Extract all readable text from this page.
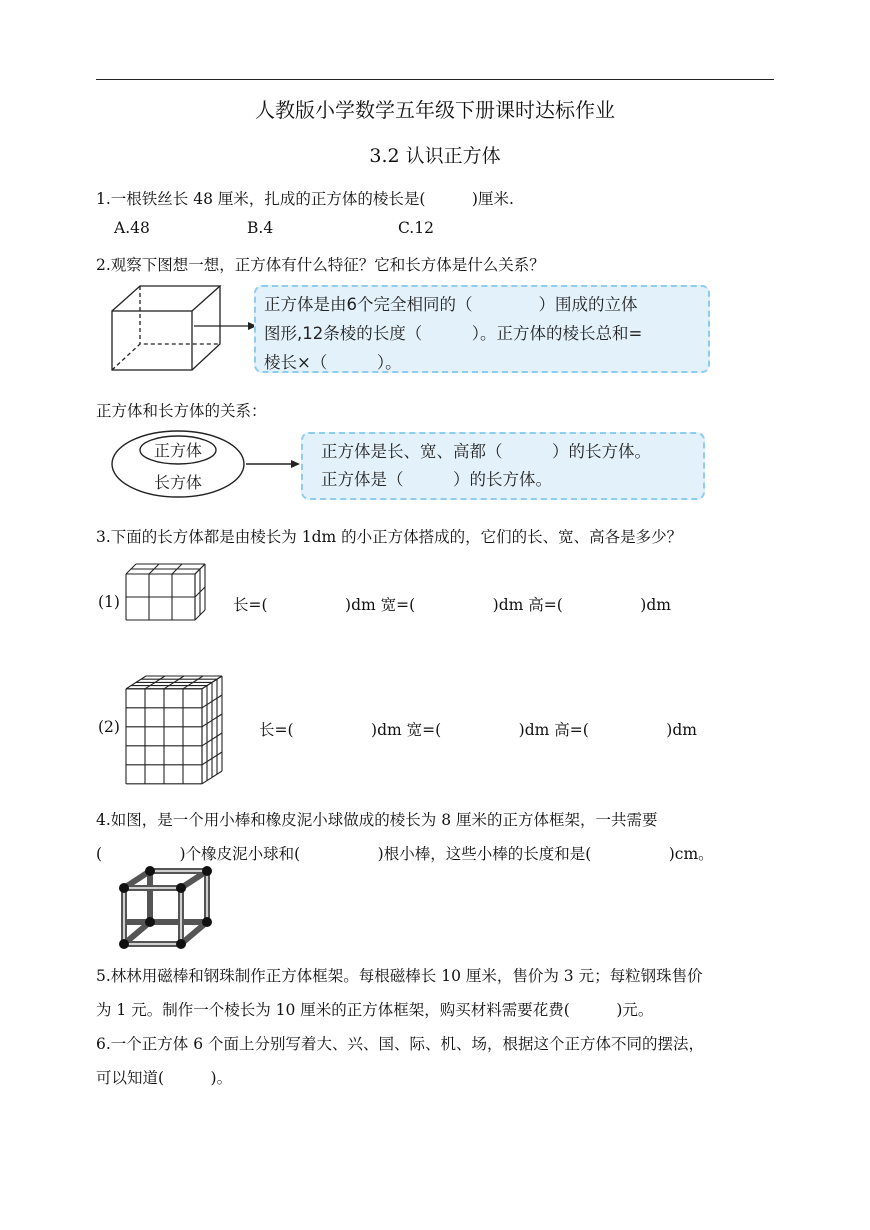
人教版小学数学五年级下册课时达标作业
3.2 认识正方体
1.一根铁丝长 48 厘米，扎成的正方体的棱长是(　　　)厘米.
A.48	B.4	C.12
2.观察下图想一想，正方体有什么特征？它和长方体是什么关系？
正方体是由6个完全相同的（　　　　）围成的立体
图形,12条棱的长度（　　　）。正方体的棱长总和=
棱长×（　　　）。
正方体和长方体的关系：
正方体
长方体
正方体是长、宽、高都（　　　）的长方体。
正方体是（　　　）的长方体。
3.下面的长方体都是由棱长为 1dm 的小正方体搭成的，它们的长、宽、高各是多少？
(1)	长=(　　　　　)dm 宽=(　　　　　)dm 高=(　　　　　)dm
(2)	长=(　　　　　)dm 宽=(　　　　　)dm 高=(　　　　　)dm
4.如图，是一个用小棒和橡皮泥小球做成的棱长为 8 厘米的正方体框架，一共需要
(　　　　　)个橡皮泥小球和(　　　　　)根小棒，这些小棒的长度和是(　　　　　)cm。
5.林林用磁棒和钢珠制作正方体框架。每根磁棒长 10 厘米，售价为 3 元；每粒钢珠售价
为 1 元。制作一个棱长为 10 厘米的正方体框架，购买材料需要花费(　　　)元。
6.一个正方体 6 个面上分别写着大、兴、国、际、机、场，根据这个正方体不同的摆法，
可以知道(　　　)。
